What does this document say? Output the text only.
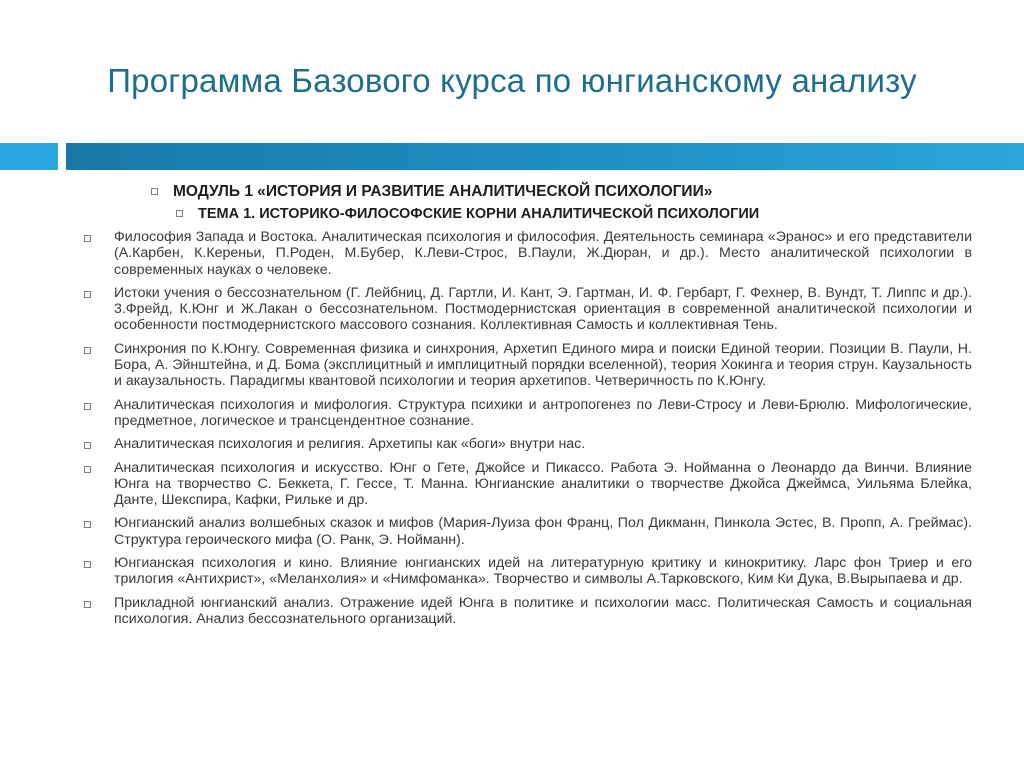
Программа Базового курса по юнгианскому анализу
МОДУЛЬ 1 «ИСТОРИЯ И РАЗВИТИЕ АНАЛИТИЧЕСКОЙ ПСИХОЛОГИИ»
ТЕМА 1. ИСТОРИКО-ФИЛОСОФСКИЕ КОРНИ АНАЛИТИЧЕСКОЙ ПСИХОЛОГИИ
Философия Запада и Востока. Аналитическая психология и философия. Деятельность семинара «Эранос» и его представители (А.Карбен, К.Кереньи, П.Роден, М.Бубер, К.Леви-Строс, В.Паули, Ж.Дюран, и др.). Место аналитической психологии в современных науках о человеке.
Истоки учения о бессознательном (Г. Лейбниц, Д. Гартли, И. Кант, Э. Гартман, И. Ф. Гербарт, Г. Фехнер, В. Вундт, Т. Липпс и др.). 3.Фрейд, К.Юнг и Ж.Лакан о бессознательном. Постмодернистская ориентация в современной аналитической психологии и особенности постмодернистского массового сознания. Коллективная Самость и коллективная Тень.
Синхрония по К.Юнгу. Современная физика и синхрония, Архетип Единого мира и поиски Единой теории. Позиции В. Паули, Н. Бора, А. Эйнштейна, и Д. Бома (эксплицитный и имплицитный порядки вселенной), теория Хокинга и теория струн. Каузальность и акаузальность. Парадигмы квантовой психологии и теория архетипов. Четверичность по К.Юнгу.
Аналитическая психология и мифология. Структура психики и антропогенез по Леви-Стросу и Леви-Брюлю. Мифологические, предметное, логическое и трансцендентное сознание.
Аналитическая психология и религия. Архетипы как «боги» внутри нас.
Аналитическая психология и искусство. Юнг о Гете, Джойсе и Пикассо. Работа Э. Нойманна о Леонардо да Винчи. Влияние Юнга на творчество С. Беккета, Г. Гессе, Т. Манна. Юнгианские аналитики о творчестве Джойса Джеймса, Уильяма Блейка, Данте, Шекспира, Кафки, Рильке и др.
Юнгианский анализ волшебных сказок и мифов (Мария-Луиза фон Франц, Пол Дикманн, Пинкола Эстес, В. Пропп, А. Греймас). Структура героического мифа (О. Ранк, Э. Нойманн).
Юнгианская психология и кино. Влияние юнгианских идей на литературную критику и кинокритику. Ларс фон Триер и его трилогия «Антихрист», «Меланхолия» и «Нимфоманка». Творчество и символы А.Тарковского, Ким Ки Дука, В.Вырыпаева и др.
Прикладной юнгианский анализ. Отражение идей Юнга в политике и психологии масс. Политическая Самость и социальная психология. Анализ бессознательного организаций.
